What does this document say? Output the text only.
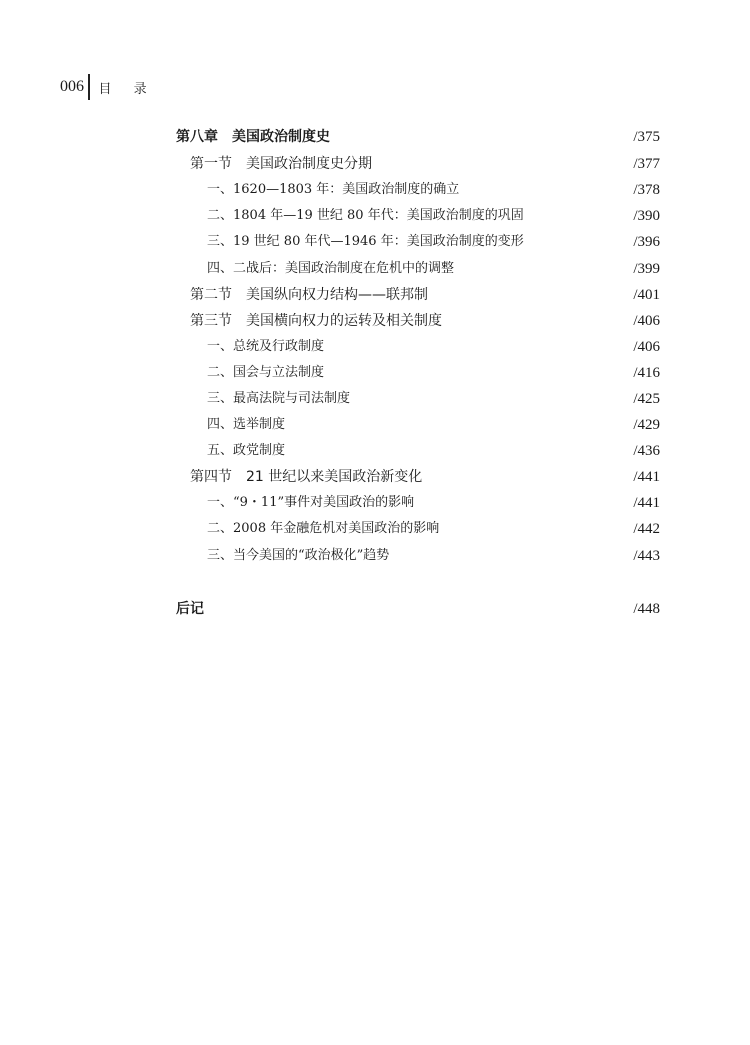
006 目 录
第八章　美国政治制度史	/375
第一节　美国政治制度史分期	/377
一、1620—1803 年：美国政治制度的确立	/378
二、1804 年—19 世纪 80 年代：美国政治制度的巩固	/390
三、19 世纪 80 年代—1946 年：美国政治制度的变形	/396
四、二战后：美国政治制度在危机中的调整	/399
第二节　美国纵向权力结构——联邦制	/401
第三节　美国横向权力的运转及相关制度	/406
一、总统及行政制度	/406
二、国会与立法制度	/416
三、最高法院与司法制度	/425
四、选举制度	/429
五、政党制度	/436
第四节　21 世纪以来美国政治新变化	/441
一、“9・11”事件对美国政治的影响	/441
二、2008 年金融危机对美国政治的影响	/442
三、当今美国的“政治极化”趋势	/443
后记	/448
